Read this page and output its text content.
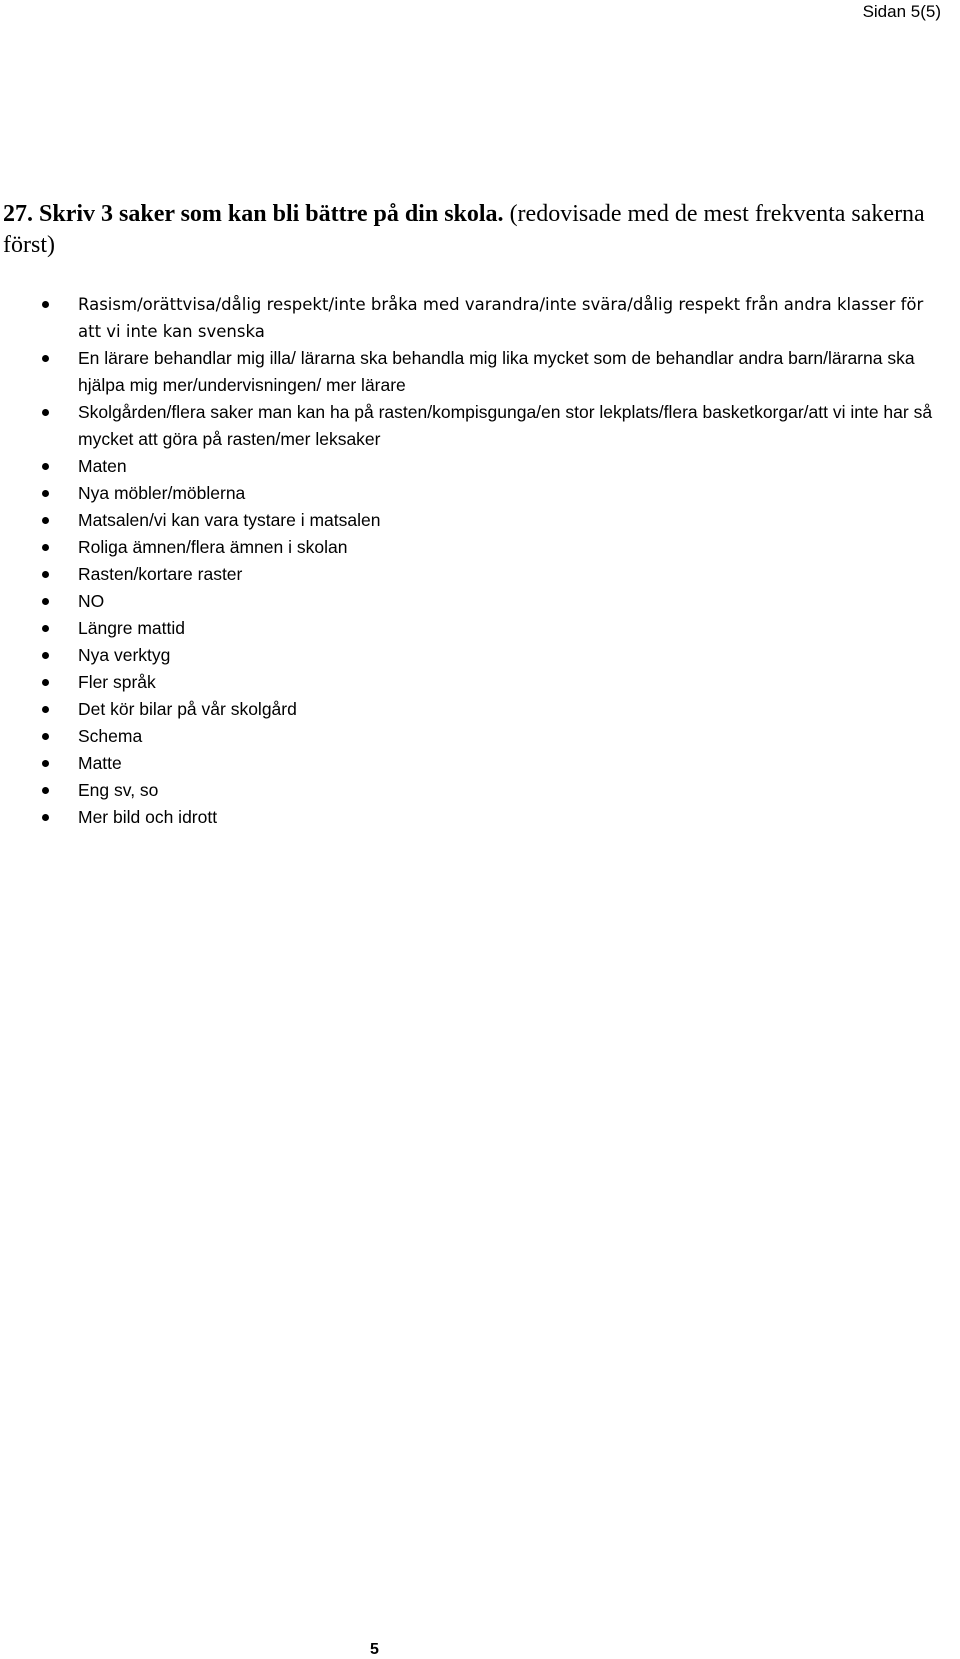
Sidan 5(5)
27. Skriv 3 saker som kan bli bättre på din skola. (redovisade med de mest frekventa sakerna först)
Rasism/orättvisa/dålig respekt/inte bråka med varandra/inte svära/dålig respekt från andra klasser för att vi inte kan svenska
En lärare behandlar mig illa/ lärarna ska behandla mig lika mycket som de behandlar andra barn/lärarna ska hjälpa mig mer/undervisningen/ mer lärare
Skolgården/flera saker man kan ha på rasten/kompisgunga/en stor lekplats/flera basketkorgar/att vi inte har så mycket att göra på rasten/mer leksaker
Maten
Nya möbler/möblerna
Matsalen/vi kan vara tystare i matsalen
Roliga ämnen/flera ämnen i skolan
Rasten/kortare raster
NO
Längre mattid
Nya verktyg
Fler språk
Det kör bilar på vår skolgård
Schema
Matte
Eng sv, so
Mer bild och idrott
5
